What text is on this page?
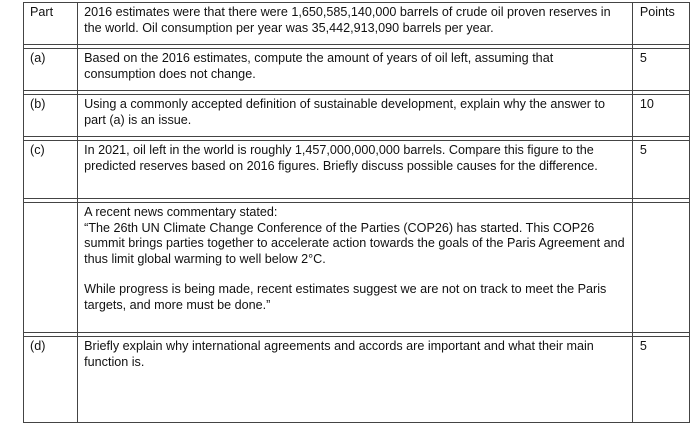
Part	2016 estimates were that there were 1,650,585,140,000 barrels of crude oil proven reserves in the world. Oil consumption per year was 35,442,913,090 barrels per year.	Points

(a)	Based on the 2016 estimates, compute the amount of years of oil left, assuming that consumption does not change.	5

(b)	Using a commonly accepted definition of sustainable development, explain why the answer to part (a) is an issue.	10

(c)	In 2021, oil left in the world is roughly 1,457,000,000,000 barrels. Compare this figure to the predicted reserves based on 2016 figures. Briefly discuss possible causes for the difference.	5

	A recent news commentary stated:
“The 26th UN Climate Change Conference of the Parties (COP26) has started. This COP26 summit brings parties together to accelerate action towards the goals of the Paris Agreement and thus limit global warming to well below 2°C.
While progress is being made, recent estimates suggest we are not on track to meet the Paris targets, and more must be done.”	

(d)	Briefly explain why international agreements and accords are important and what their main function is.	5
